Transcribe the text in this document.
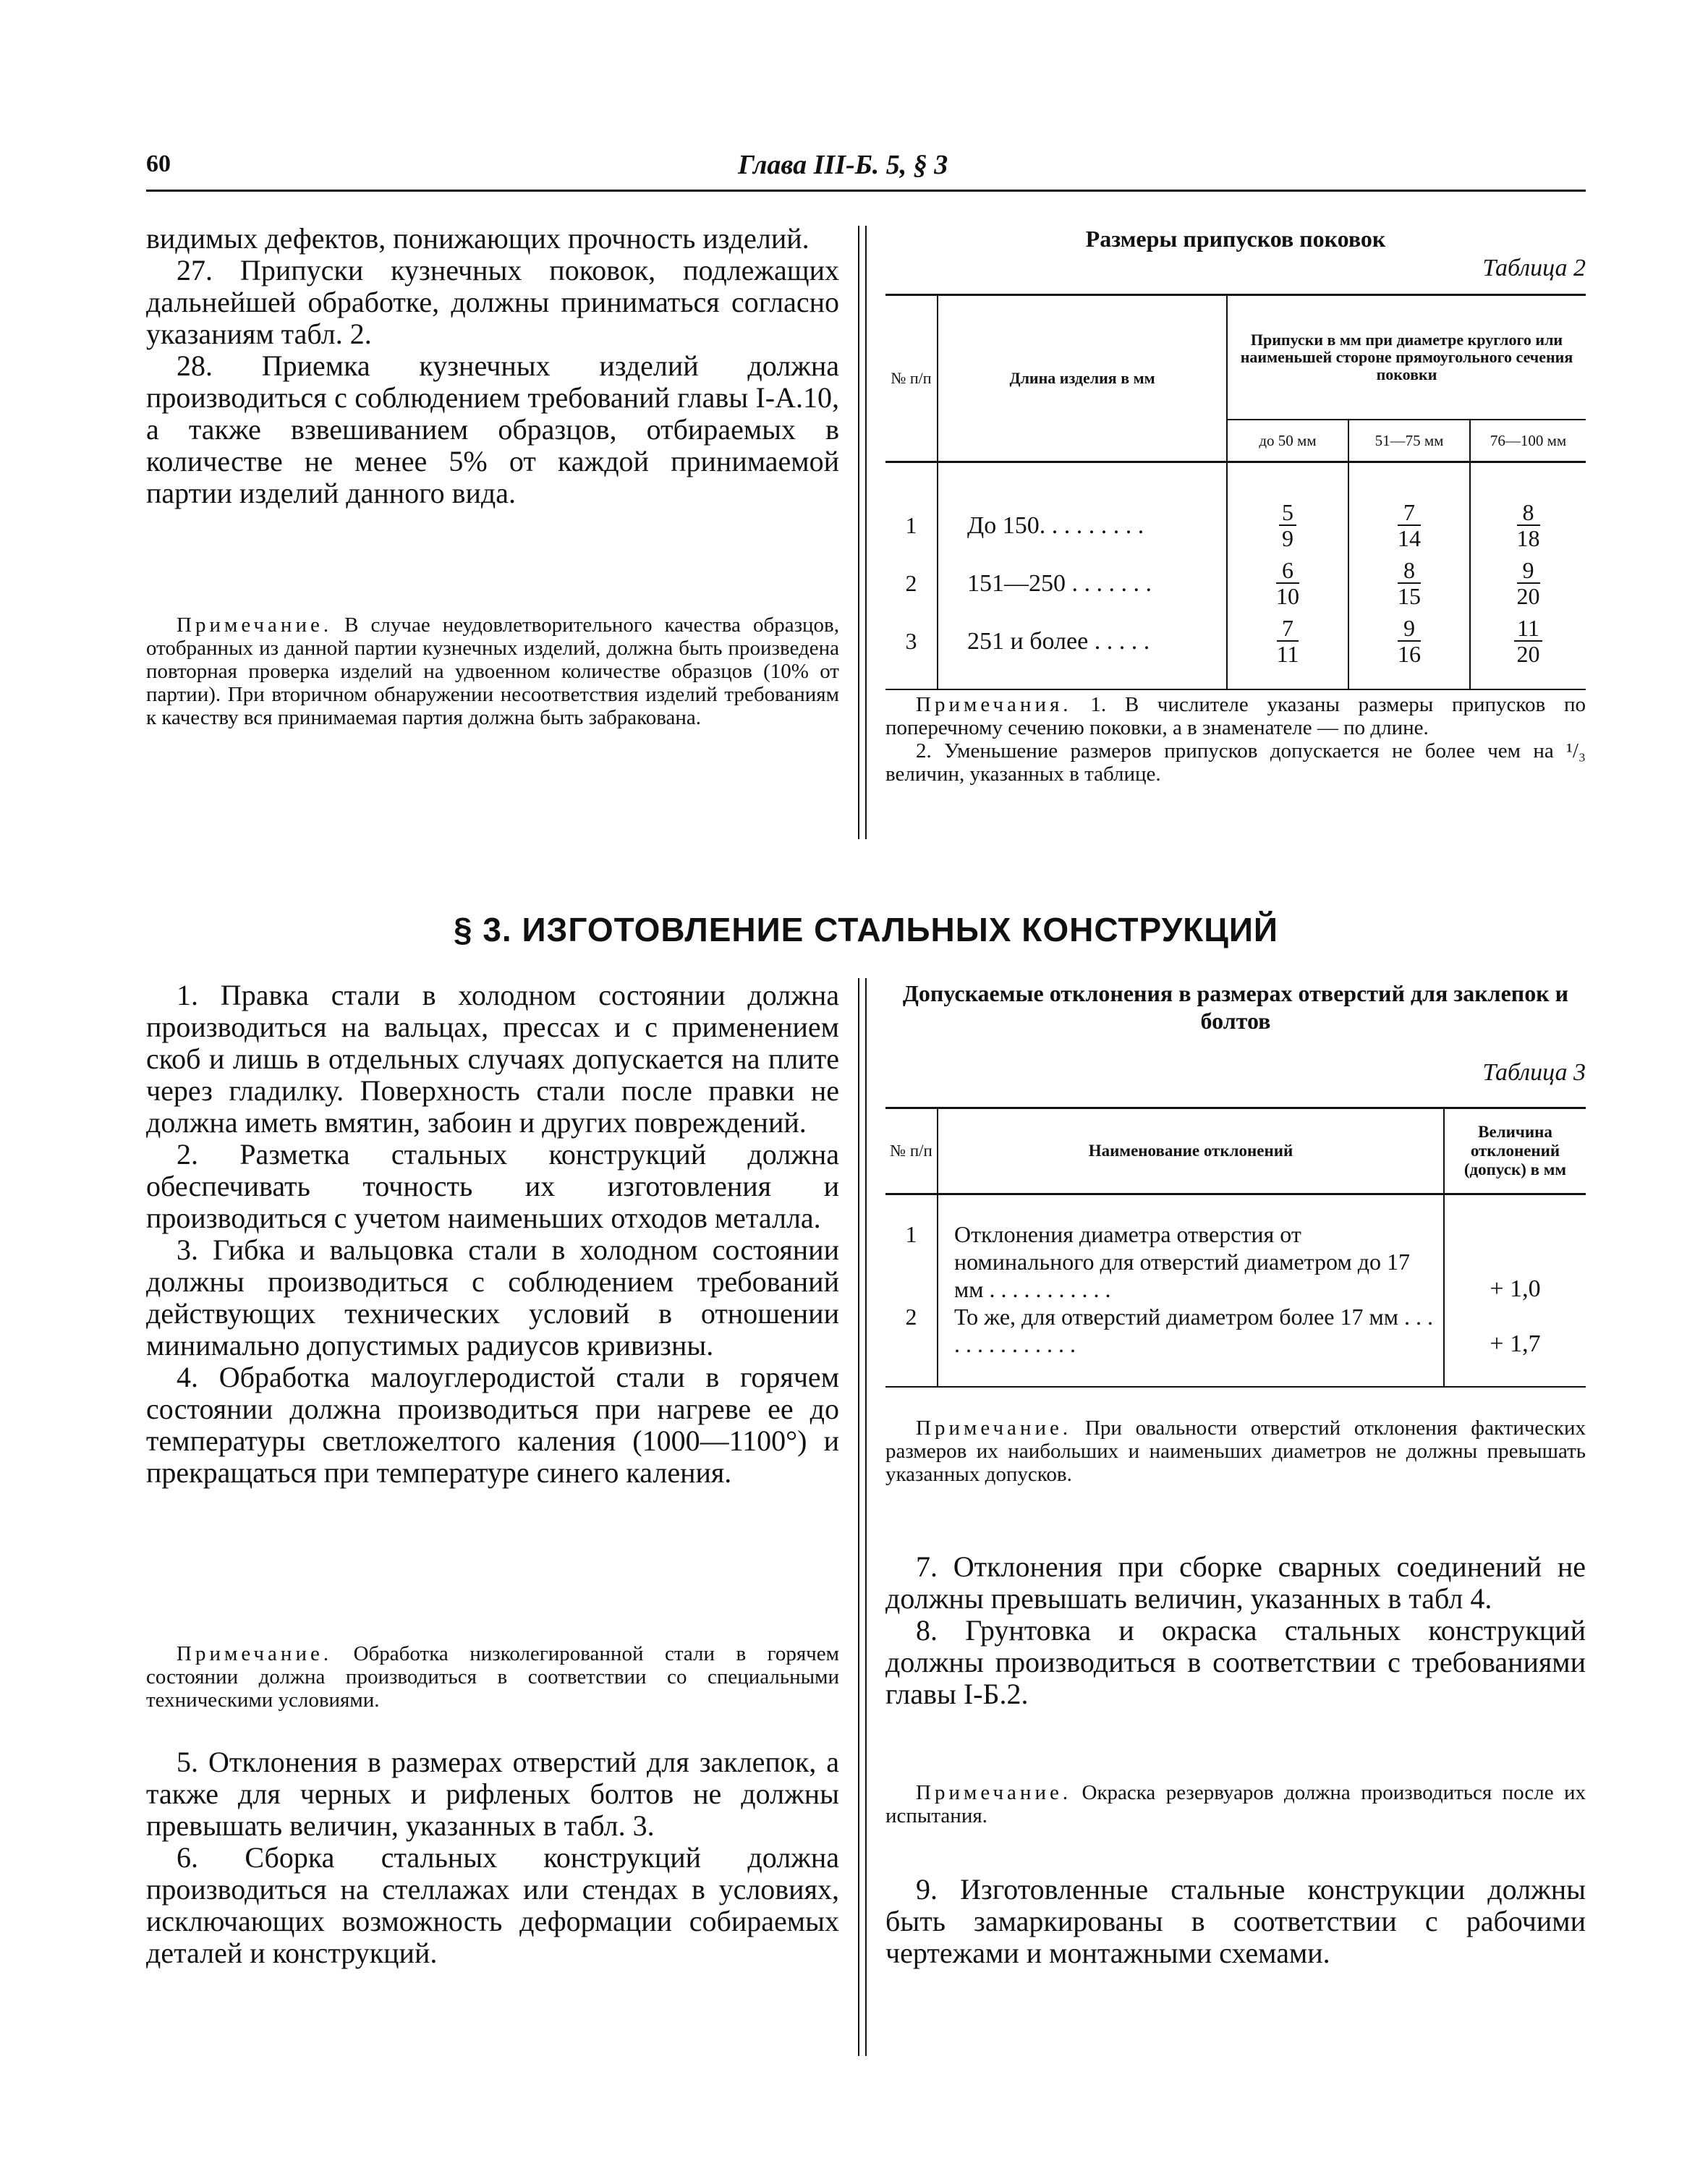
60	Глава III-Б. 5, § 3

видимых дефектов, понижающих прочность изделий.

27. Припуски кузнечных поковок, подлежащих дальнейшей обработке, должны приниматься согласно указаниям табл. 2.

28. Приемка кузнечных изделий должна производиться с соблюдением требований главы I-А.10, а также взвешиванием образцов, отбираемых в количестве не менее 5% от каждой принимаемой партии изделий данного вида.

Примечание. В случае неудовлетворительного качества образцов, отобранных из данной партии кузнечных изделий, должна быть произведена повторная проверка изделий на удвоенном количестве образцов (10% от партии). При вторичном обнаружении несоответствия изделий требованиям к качеству вся принимаемая партия должна быть забракована.

Размеры припусков поковок
Таблица 2
№ п/п	Длина изделия в мм	Припуски в мм при диаметре круглого или наименьшей стороне прямоугольного сечения поковки		
		до 50 мм	51—75 мм	76—100 мм

1	До 150. . . . . . . . .	$\frac{5}{9}$	$\frac{7}{14}$	$\frac{8}{18}$

2	151—250 . . . . . . .	$\frac{6}{10}$	$\frac{8}{15}$	$\frac{9}{20}$

3	251 и более . . . . .	$\frac{7}{11}$	$\frac{9}{16}$	$\frac{11}{20}$

Примечания. 1. В числителе указаны размеры припусков по поперечному сечению поковки, а в знаменателе — по длине.

2. Уменьшение размеров припусков допускается не более чем на ¹/₃ величин, указанных в таблице.

§ 3. ИЗГОТОВЛЕНИЕ СТАЛЬНЫХ КОНСТРУКЦИЙ

1. Правка стали в холодном состоянии должна производиться на вальцах, прессах и с применением скоб и лишь в отдельных случаях допускается на плите через гладилку. Поверхность стали после правки не должна иметь вмятин, забоин и других повреждений.

2. Разметка стальных конструкций должна обеспечивать точность их изготовления и производиться с учетом наименьших отходов металла.

3. Гибка и вальцовка стали в холодном состоянии должны производиться с соблюдением требований действующих технических условий в отношении минимально допустимых радиусов кривизны.

4. Обработка малоуглеродистой стали в горячем состоянии должна производиться при нагреве ее до температуры светложелтого каления (1000—1100°) и прекращаться при температуре синего каления.

Примечание. Обработка низколегированной стали в горячем состоянии должна производиться в соответствии со специальными техническими условиями.

5. Отклонения в размерах отверстий для заклепок, а также для черных и рифленых болтов не должны превышать величин, указанных в табл. 3.

6. Сборка стальных конструкций должна производиться на стеллажах или стендах в условиях, исключающих возможность деформации собираемых деталей и конструкций.

Допускаемые отклонения в размерах отверстий для заклепок и болтов
Таблица 3
№ п/п	Наименование отклонений	Величина отклонений (допуск) в мм

1	Отклонения диаметра отверстия от номинального для отверстий диаметром до 17 мм . . . . . . . . . . .	+ 1,0
2	То же, для отверстий диаметром более 17 мм . . . . . . . . . . . . . .	+ 1,7

Примечание. При овальности отверстий отклонения фактических размеров их наибольших и наименьших диаметров не должны превышать указанных допусков.

7. Отклонения при сборке сварных соединений не должны превышать величин, указанных в табл 4.

8. Грунтовка и окраска стальных конструкций должны производиться в соответствии с требованиями главы I-Б.2.

Примечание. Окраска резервуаров должна производиться после их испытания.

9. Изготовленные стальные конструкции должны быть замаркированы в соответствии с рабочими чертежами и монтажными схемами.
